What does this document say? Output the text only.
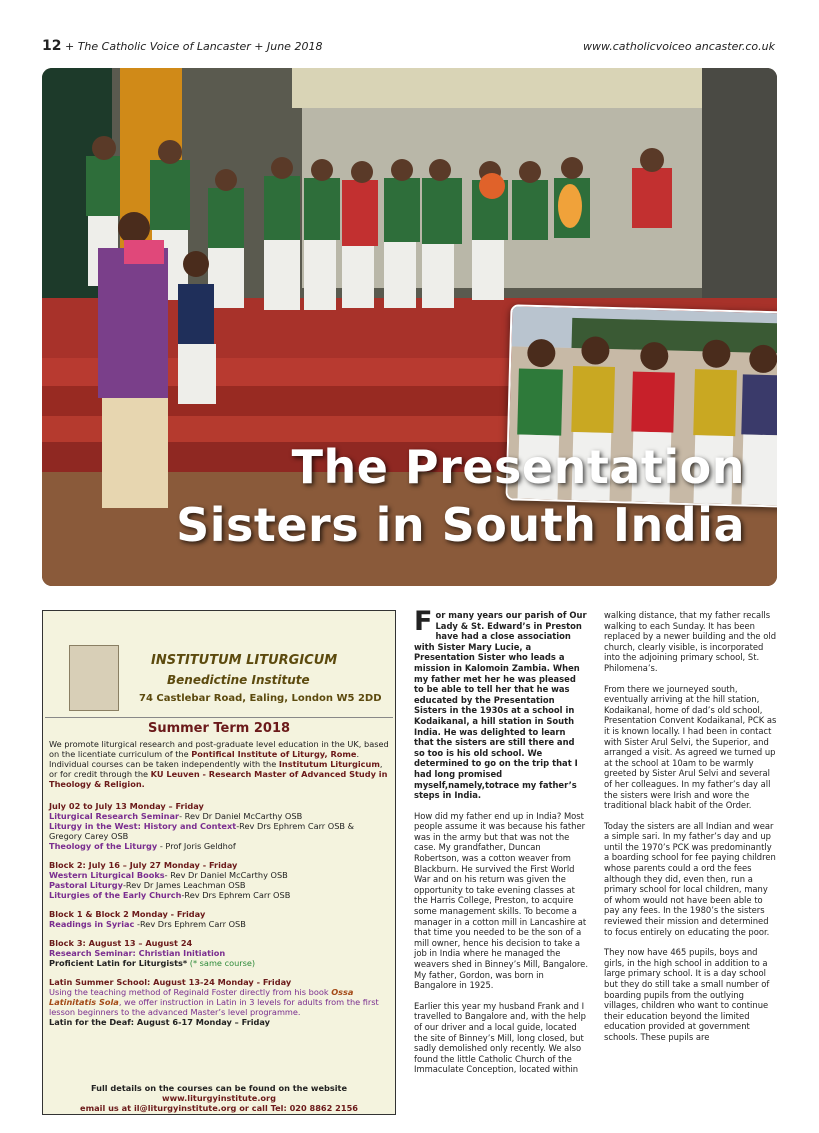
12 + The Catholic Voice of Lancaster + June 2018	www.catholicvoiceo ancaster.co.uk
The Presentation
Sisters in South India
INSTITUTUM LITURGICUM
Benedictine Institute
74 Castlebar Road, Ealing, London W5 2DD
Summer Term 2018
We promote liturgical research and post-graduate level education in the UK, based on the licentiate curriculum of the Pontifical Institute of Liturgy, Rome. Individual courses can be taken independently with the Institutum Liturgicum, or for credit through the KU Leuven - Research Master of Advanced Study in Theology & Religion.
July 02 to July 13 Monday – Friday
Liturgical Research Seminar- Rev Dr Daniel McCarthy OSB
Liturgy in the West: History and Context-Rev Drs Ephrem Carr OSB & Gregory Carey OSB
Theology of the Liturgy - Prof Joris Geldhof
Block 2: July 16 – July 27 Monday - Friday
Western Liturgical Books- Rev Dr Daniel McCarthy OSB
Pastoral Liturgy-Rev Dr James Leachman OSB
Liturgies of the Early Church-Rev Drs Ephrem Carr OSB
Block 1 & Block 2 Monday - Friday
Readings in Syriac -Rev Drs Ephrem Carr OSB
Block 3: August 13 – August 24
Research Seminar: Christian Initiation
Proficient Latin for Liturgists* (* same course)
Latin Summer School: August 13-24 Monday - Friday
Using the teaching method of Reginald Foster directly from his book Ossa Latinitatis Sola, we offer instruction in Latin in 3 levels for adults from the first lesson beginners to the advanced Master’s level programme.
Latin for the Deaf: August 6-17 Monday – Friday
Full details on the courses can be found on the website
www.liturgyinstitute.org
email us at il@liturgyinstitute.org or call Tel: 020 8862 2156

For many years our parish of Our Lady & St. Edward’s in Preston have had a close association with Sister Mary Lucie, a Presentation Sister who leads a mission in Kalomoin Zambia. When my father met her he was pleased to be able to tell her that he was educated by the Presentation Sisters in the 1930s at a school in Kodaikanal, a hill station in South India. He was delighted to learn that the sisters are still there and so too is his old school. We determined to go on the trip that I had long promised myself,namely,totrace my father’s steps in India.

How did my father end up in India? Most people assume it was because his father was in the army but that was not the case. My grandfather, Duncan Robertson, was a cotton weaver from Blackburn. He survived the First World War and on his return was given the opportunity to take evening classes at the Harris College, Preston, to acquire some management skills. To become a manager in a cotton mill in Lancashire at that time you needed to be the son of a mill owner, hence his decision to take a job in India where he managed the weavers shed in Binney’s Mill, Bangalore. My father, Gordon, was born in Bangalore in 1925.

Earlier this year my husband Frank and I travelled to Bangalore and, with the help of our driver and a local guide, located the site of Binney’s Mill, long closed, but sadly demolished only recently. We also found the little Catholic Church of the Immaculate Conception, located within

walking distance, that my father recalls walking to each Sunday. It has been replaced by a newer building and the old church, clearly visible, is incorporated into the adjoining primary school, St. Philomena’s.

From there we journeyed south, eventually arriving at the hill station, Kodaikanal, home of dad’s old school, Presentation Convent Kodaikanal, PCK as it is known locally. I had been in contact with Sister Arul Selvi, the Superior, and arranged a visit. As agreed we turned up at the school at 10am to be warmly greeted by Sister Arul Selvi and several of her colleagues. In my father’s day all the sisters were Irish and wore the traditional black habit of the Order.

Today the sisters are all Indian and wear a simple sari. In my father’s day and up until the 1970’s PCK was predominantly a boarding school for fee paying children whose parents could a ord the fees although they did, even then, run a primary school for local children, many of whom would not have been able to pay any fees. In the 1980’s the sisters reviewed their mission and determined to focus entirely on educating the poor.

They now have 465 pupils, boys and girls, in the high school in addition to a large primary school. It is a day school but they do still take a small number of boarding pupils from the outlying villages, children who want to continue their education beyond the limited education provided at government schools. These pupils are
